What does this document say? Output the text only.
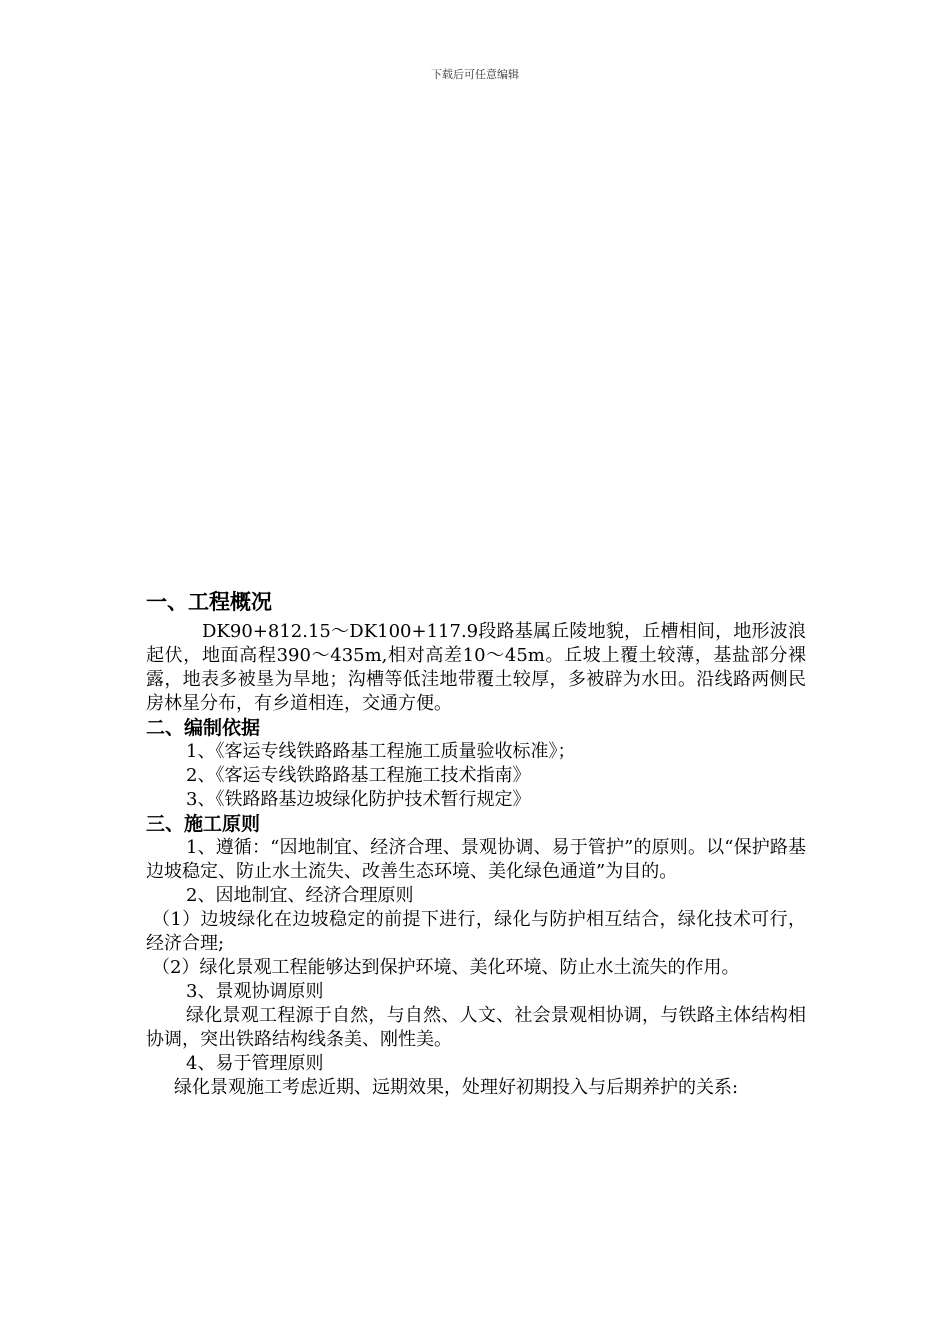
下载后可任意编辑
一、工程概况

DK90+812.15～DK100+117.9段路基属丘陵地貌，丘槽相间，地形波浪起伏，地面高程390～435m,相对高差10～45m。丘坡上覆土较薄，基盐部分裸露，地表多被垦为旱地；沟槽等低洼地带覆土较厚，多被辟为水田。沿线路两侧民房林星分布，有乡道相连，交通方便。

二、编制依据

1、《客运专线铁路路基工程施工质量验收标准》；

2、《客运专线铁路路基工程施工技术指南》

3、《铁路路基边坡绿化防护技术暂行规定》

三、施工原则

1、遵循：“因地制宜、经济合理、景观协调、易于管护”的原则。以“保护路基边坡稳定、防止水土流失、改善生态环境、美化绿色通道”为目的。

2、因地制宜、经济合理原则

（1）边坡绿化在边坡稳定的前提下进行，绿化与防护相互结合，绿化技术可行，经济合理;

（2）绿化景观工程能够达到保护环境、美化环境、防止水土流失的作用。

3、景观协调原则

绿化景观工程源于自然，与自然、人文、社会景观相协调，与铁路主体结构相协调，突出铁路结构线条美、刚性美。

4、易于管理原则

绿化景观施工考虑近期、远期效果，处理好初期投入与后期养护的关系:
